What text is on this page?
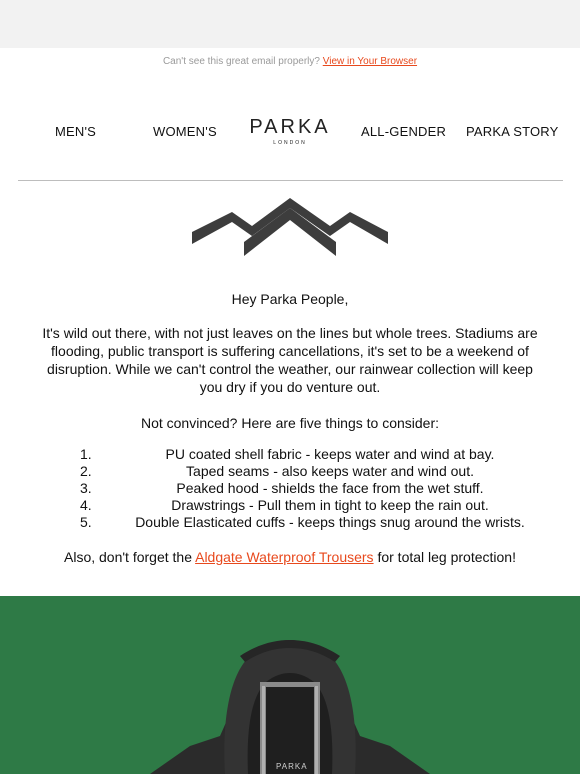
Can't see this great email properly? View in Your Browser
MEN'S	WOMEN'S	PARKA
LONDON
ALL-GENDER PARKA STORY

Hey Parka People,

It's wild out there, with not just leaves on the lines but whole trees. Stadiums are flooding, public transport is suffering cancellations, it's set to be a weekend of disruption. While we can't control the weather, our rainwear collection will keep you dry if you do venture out.

Not convinced? Here are five things to consider:

1.	PU coated shell fabric - keeps water and wind at bay.
2.	Taped seams - also keeps water and wind out.
3.	Peaked hood - shields the face from the wet stuff.
4.	Drawstrings - Pull them in tight to keep the rain out.
5.	Double Elasticated cuffs - keeps things snug around the wrists.

Also, don't forget the Aldgate Waterproof Trousers for total leg protection!

PARKA
